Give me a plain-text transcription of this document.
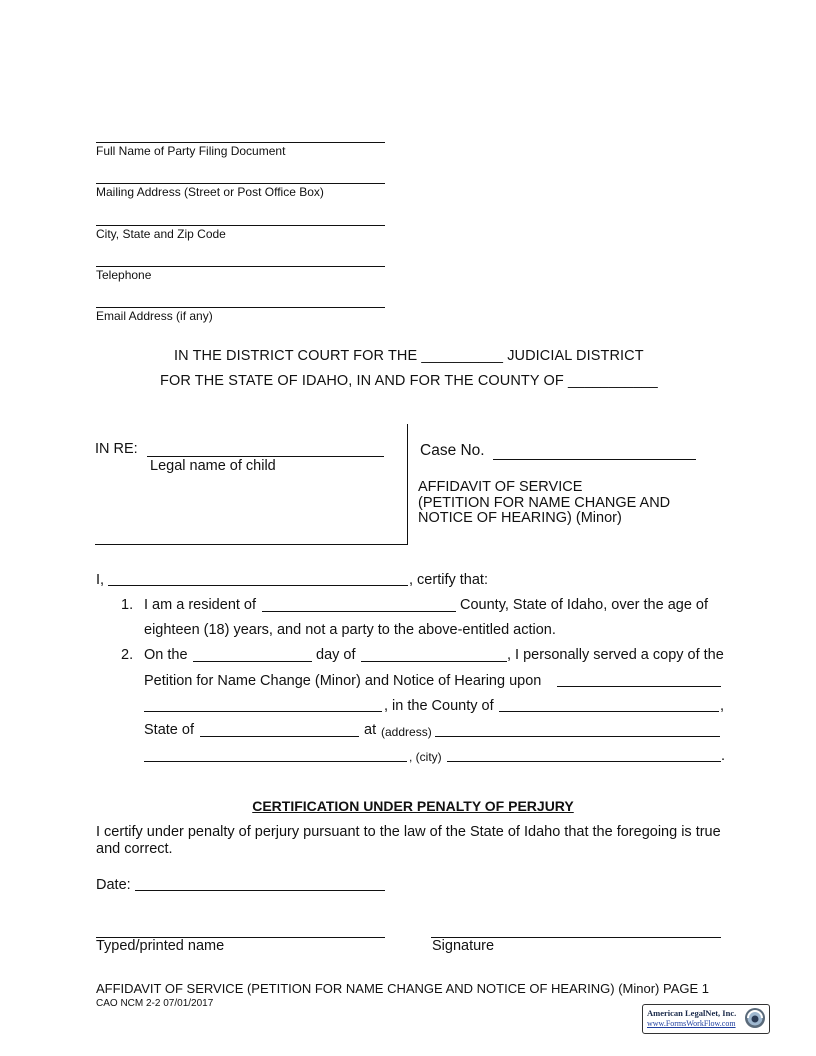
Full Name of Party Filing Document
Mailing Address (Street or Post Office Box)
City, State and Zip Code
Telephone
Email Address (if any)
IN THE DISTRICT COURT FOR THE __________ JUDICIAL DISTRICT
FOR THE STATE OF IDAHO, IN AND FOR THE COUNTY OF ___________
IN RE:
Legal name of child
Case No.
AFFIDAVIT OF SERVICE
(PETITION FOR NAME CHANGE AND
NOTICE OF HEARING) (Minor)
I,	, certify that:
1. I am a resident of	County, State of Idaho, over the age of
eighteen (18) years, and not a party to the above-entitled action.
2. On the	day of	, I personally served a copy of the
Petition for Name Change (Minor) and Notice of Hearing upon
, in the County of	,
State of	at (address)
, (city)	.
CERTIFICATION UNDER PENALTY OF PERJURY
I certify under penalty of perjury pursuant to the law of the State of Idaho that the foregoing is true
and correct.
Date:
Typed/printed name	Signature
AFFIDAVIT OF SERVICE (PETITION FOR NAME CHANGE AND NOTICE OF HEARING) (Minor) PAGE 1
CAO NCM 2-2 07/01/2017
American LegalNet, Inc.
www.FormsWorkFlow.com
